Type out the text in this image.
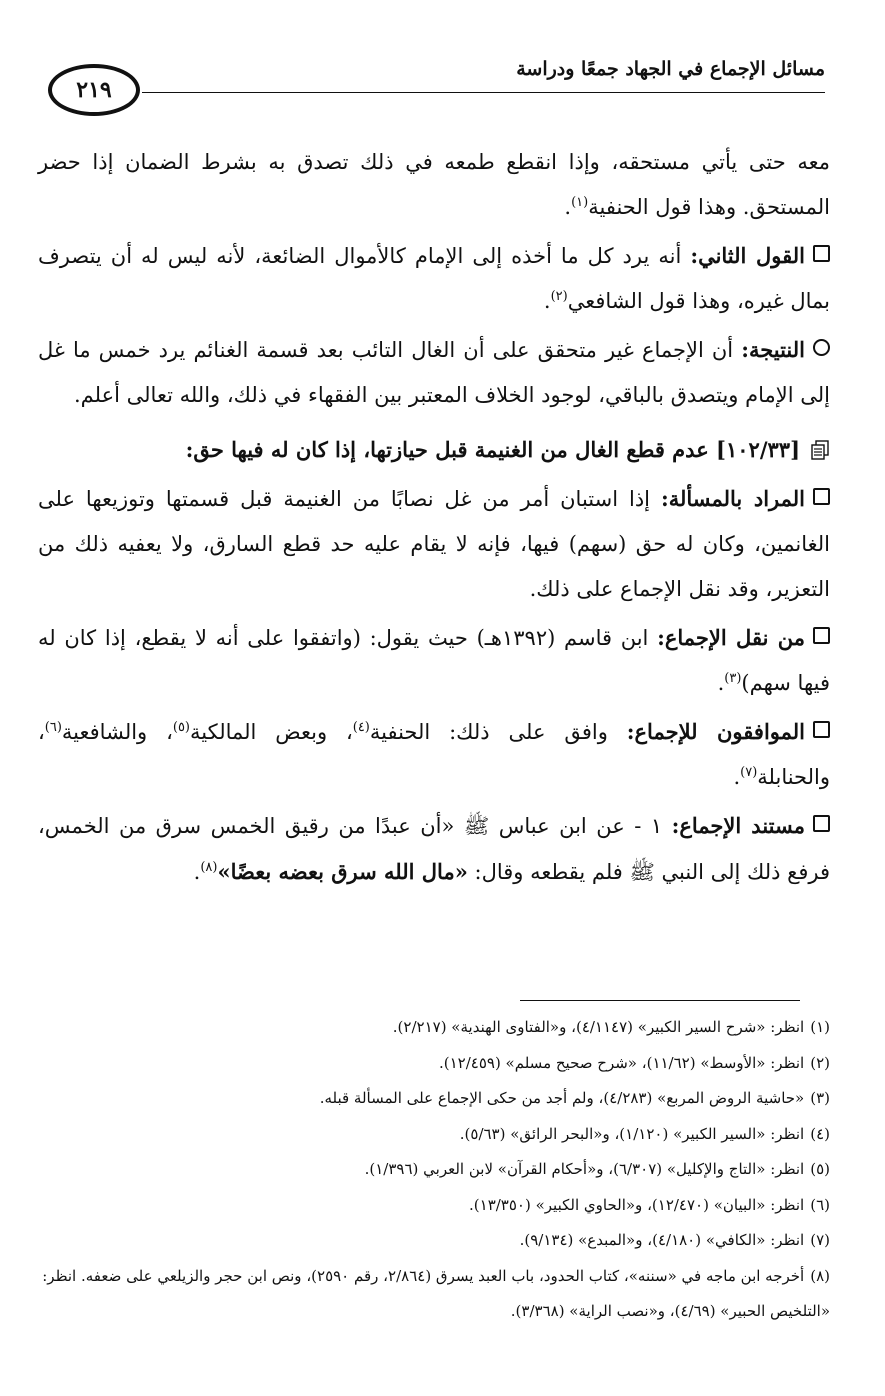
مسائل الإجماع في الجهاد جمعًا ودراسة
٢١٩

معه حتى يأتي مستحقه، وإذا انقطع طمعه في ذلك تصدق به بشرط الضمان إذا حضر المستحق. وهذا قول الحنفية$^{(١)}$.

القول الثاني: أنه يرد كل ما أخذه إلى الإمام كالأموال الضائعة، لأنه ليس له أن يتصرف بمال غيره، وهذا قول الشافعي$^{(٢)}$.

النتيجة: أن الإجماع غير متحقق على أن الغال التائب بعد قسمة الغنائم يرد خمس ما غل إلى الإمام ويتصدق بالباقي، لوجود الخلاف المعتبر بين الفقهاء في ذلك، والله تعالى أعلم.

[١٠٢/٣٣] عدم قطع الغال من الغنيمة قبل حيازتها، إذا كان له فيها حق:

المراد بالمسألة: إذا استبان أمر من غل نصابًا من الغنيمة قبل قسمتها وتوزيعها على الغانمين، وكان له حق (سهم) فيها، فإنه لا يقام عليه حد قطع السارق، ولا يعفيه ذلك من التعزير، وقد نقل الإجماع على ذلك.

من نقل الإجماع: ابن قاسم (١٣٩٢هـ) حيث يقول: (واتفقوا على أنه لا يقطع، إذا كان له فيها سهم)$^{(٣)}$.

الموافقون للإجماع: وافق على ذلك: الحنفية$^{(٤)}$، وبعض المالكية$^{(٥)}$، والشافعية$^{(٦)}$، والحنابلة$^{(٧)}$.

مستند الإجماع: ١ - عن ابن عباس ﷺ «أن عبدًا من رقيق الخمس سرق من الخمس، فرفع ذلك إلى النبي ﷺ فلم يقطعه وقال: «مال الله سرق بعضه بعضًا»$^{(٨)}$.

(١)انظر: «شرح السير الكبير» (٤/١١٤٧)، و«الفتاوى الهندية» (٢/٢١٧).

(٢)انظر: «الأوسط» (١١/٦٢)، «شرح صحيح مسلم» (١٢/٤٥٩).

(٣)«حاشية الروض المربع» (٤/٢٨٣)، ولم أجد من حكى الإجماع على المسألة قبله.

(٤)انظر: «السير الكبير» (١/١٢٠)، و«البحر الرائق» (٥/٦٣).

(٥)انظر: «التاج والإكليل» (٦/٣٠٧)، و«أحكام القرآن» لابن العربي (١/٣٩٦).

(٦)انظر: «البيان» (١٢/٤٧٠)، و«الحاوي الكبير» (١٣/٣٥٠).

(٧)انظر: «الكافي» (٤/١٨٠)، و«المبدع» (٩/١٣٤).

(٨)أخرجه ابن ماجه في «سننه»، كتاب الحدود، باب العبد يسرق (٢/٨٦٤، رقم ٢٥٩٠)، ونص ابن حجر والزيلعي على ضعفه. انظر: «التلخيص الحبير» (٤/٦٩)، و«نصب الراية» (٣/٣٦٨).
